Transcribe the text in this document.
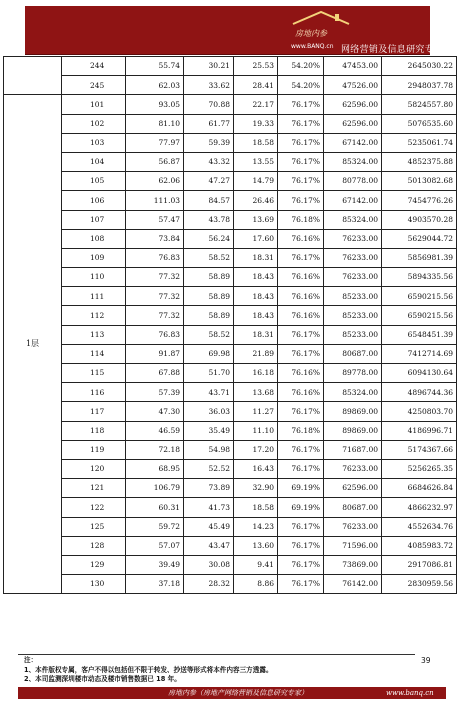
房地内参
www.BANQ.cn 网络营销及信息研究专家
	244	55.74	30.21	25.53	54.20%	47453.00	2645030.22
	245	62.03	33.62	28.41	54.20%	47526.00	2948037.78
1层	101	93.05	70.88	22.17	76.17%	62596.00	5824557.80
	102	81.10	61.77	19.33	76.17%	62596.00	5076535.60
	103	77.97	59.39	18.58	76.17%	67142.00	5235061.74
	104	56.87	43.32	13.55	76.17%	85324.00	4852375.88
	105	62.06	47.27	14.79	76.17%	80778.00	5013082.68
	106	111.03	84.57	26.46	76.17%	67142.00	7454776.26
	107	57.47	43.78	13.69	76.18%	85324.00	4903570.28
	108	73.84	56.24	17.60	76.16%	76233.00	5629044.72
	109	76.83	58.52	18.31	76.17%	76233.00	5856981.39
	110	77.32	58.89	18.43	76.16%	76233.00	5894335.56
	111	77.32	58.89	18.43	76.16%	85233.00	6590215.56
	112	77.32	58.89	18.43	76.16%	85233.00	6590215.56
	113	76.83	58.52	18.31	76.17%	85233.00	6548451.39
	114	91.87	69.98	21.89	76.17%	80687.00	7412714.69
	115	67.88	51.70	16.18	76.16%	89778.00	6094130.64
	116	57.39	43.71	13.68	76.16%	85324.00	4896744.36
	117	47.30	36.03	11.27	76.17%	89869.00	4250803.70
	118	46.59	35.49	11.10	76.18%	89869.00	4186996.71
	119	72.18	54.98	17.20	76.17%	71687.00	5174367.66
	120	68.95	52.52	16.43	76.17%	76233.00	5256265.35
	121	106.79	73.89	32.90	69.19%	62596.00	6684626.84
	122	60.31	41.73	18.58	69.19%	80687.00	4866232.97
	125	59.72	45.49	14.23	76.17%	76233.00	4552634.76
	128	57.07	43.47	13.60	76.17%	71596.00	4085983.72
	129	39.49	30.08	9.41	76.17%	73869.00	2917086.81
	130	37.18	28.32	8.86	76.17%	76142.00	2830959.56
注：
1、本件版权专属，客户不得以包括但不限于转发、抄送等形式将本件内容三方透露。
2、本司监测深圳楼市动态及楼市销售数据已 18 年。
39
房地内参（房地产网络营销及信息研究专家）	www.banq.cn
